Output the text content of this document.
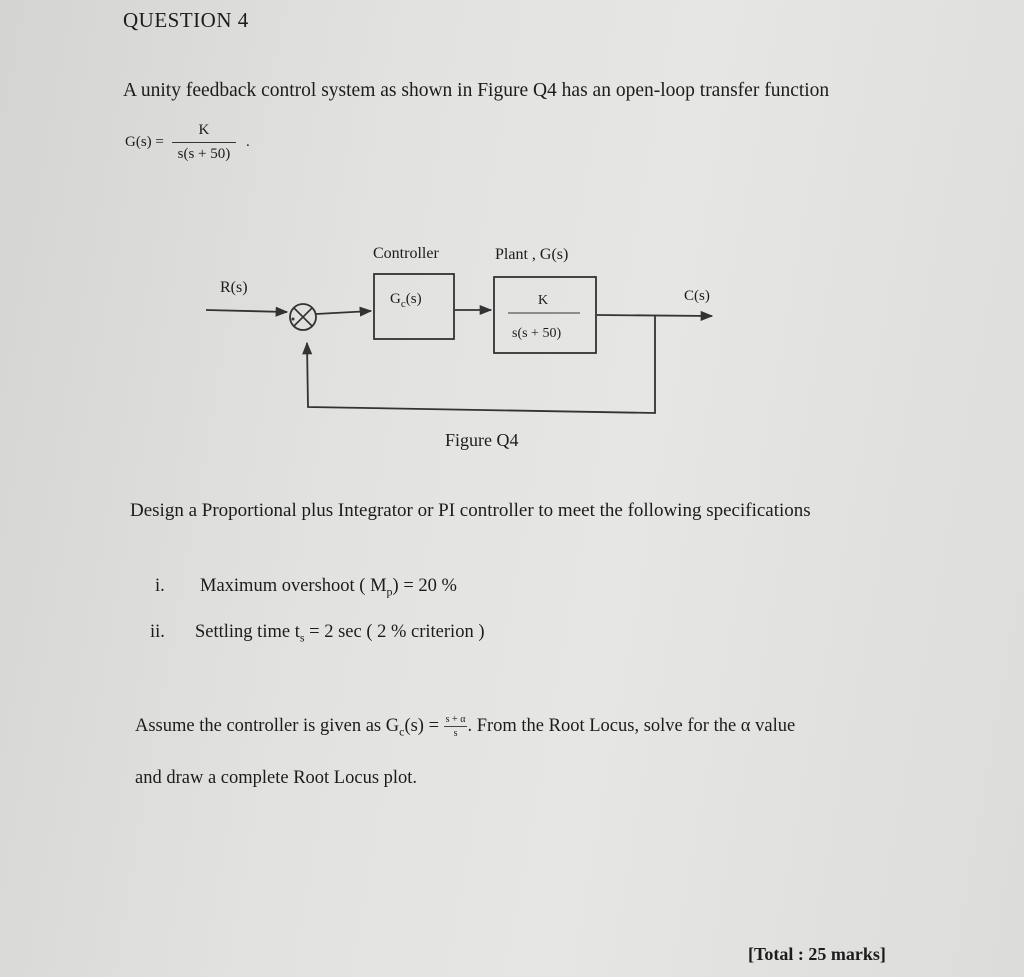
QUESTION 4
A unity feedback control system as shown in Figure Q4 has an open-loop transfer function
$G(s) = \frac{K}{s(s + 50)}$ .
Controller	Plant , G(s)
R(s)	C(s)
$G_c(s)$	K
s(s + 50)
Figure Q4
Design a Proportional plus Integrator or PI controller to meet the following specifications
i. Maximum overshoot ( $M_p) = 20$ %
ii. Settling time $t_s = 2$ sec ( 2 % criterion )
Assume the controller is given as $G_c(s) = \frac{s + \alpha}{s}$ . From the Root Locus, solve for the α value
and draw a complete Root Locus plot.
[Total : 25 marks]
